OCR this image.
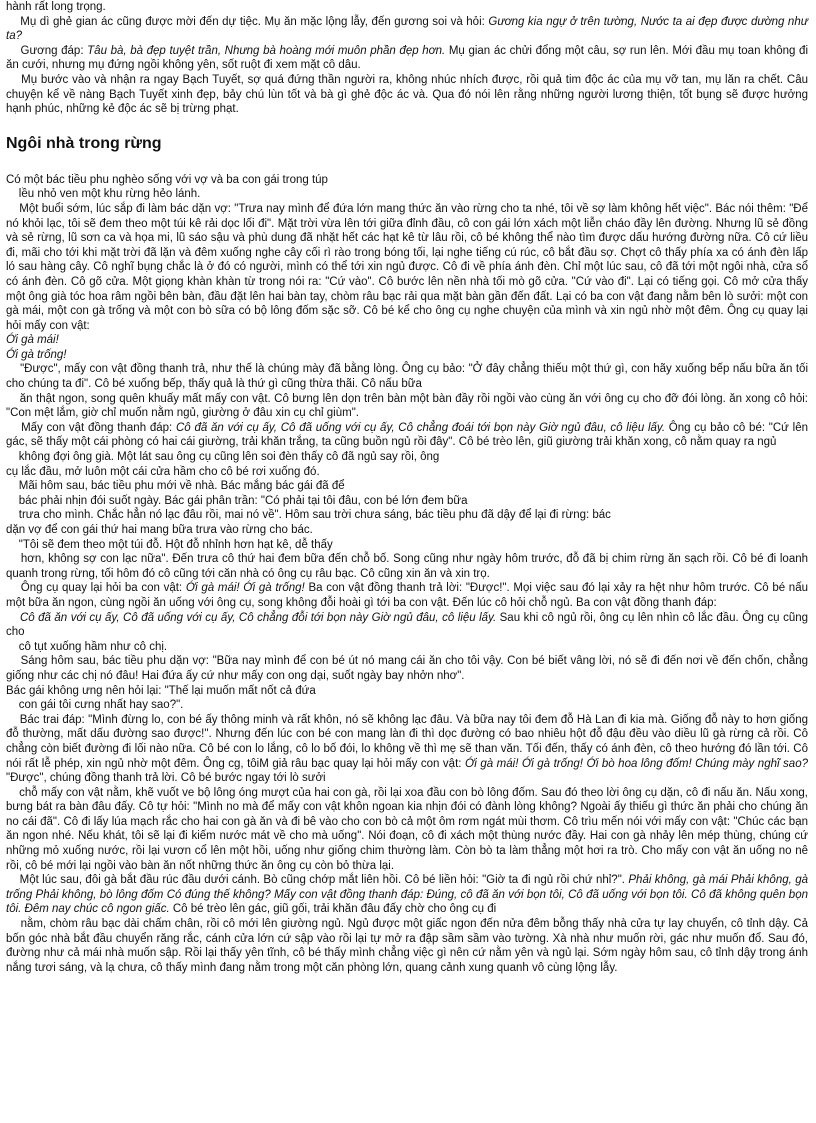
hành rất long trọng.

Mụ dì ghẻ gian ác cũng được mời đến dự tiệc. Mụ ăn mặc lộng lẫy, đến gương soi và hỏi: Gương kia ngự ở trên tường, Nước ta ai đẹp được dường như ta?

Gương đáp: Tâu bà, bà đẹp tuyệt trần, Nhưng bà hoàng mới muôn phần đẹp hơn. Mụ gian ác chửi đổng một câu, sợ run lên. Mới đầu mụ toan không đi ăn cưới, nhưng mụ đứng ngồi không yên, sốt ruột đi xem mặt cô dâu.

Mụ bước vào và nhận ra ngay Bạch Tuyết, sợ quá đứng thần người ra, không nhúc nhích được, rồi quả tim độc ác của mụ vỡ tan, mụ lăn ra chết. Câu chuyện kể về nàng Bạch Tuyết xinh đẹp, bảy chú lùn tốt và bà gì ghẻ độc ác và. Qua đó nói lên rằng những người lương thiện, tốt bụng sẽ được hưởng hạnh phúc, những kẻ độc ác sẽ bị trừng phạt.

Ngôi nhà trong rừng

Có một bác tiều phu nghèo sống với vợ và ba con gái trong túp

lều nhỏ ven một khu rừng hẻo lánh.

Một buổi sớm, lúc sắp đi làm bác dặn vợ: "Trưa nay mình để đứa lớn mang thức ăn vào rừng cho ta nhé, tôi về sợ làm không hết việc". Bác nói thêm: "Để nó khỏi lạc, tôi sẽ đem theo một túi kê rải dọc lối đi". Mặt trời vừa lên tới giữa đỉnh đầu, cô con gái lớn xách một liễn cháo đầy lên đường. Nhưng lũ sẻ đồng và sẻ rừng, lũ sơn ca và họa mi, lũ sáo sậu và phù dung đã nhặt hết các hạt kê từ lâu rồi, cô bé không thể nào tìm được dấu hướng đường nữa. Cô cứ liều đi, mãi cho tới khi mặt trời đã lặn và đêm xuống nghe cây cối rì rào trong bóng tối, lại nghe tiếng cú rúc, cô bắt đầu sợ. Chợt cô thấy phía xa có ánh đèn lấp ló sau hàng cây. Cô nghĩ bụng chắc là ở đó có người, mình có thể tới xin ngủ được. Cô đi về phía ánh đèn. Chỉ một lúc sau, cô đã tới một ngôi nhà, cửa sổ có ánh đèn. Cô gõ cửa. Một giọng khàn khàn từ trong nói ra: "Cứ vào". Cô bước lên nền nhà tối mò gõ cửa. "Cứ vào đi". Lại có tiếng gọi. Cô mở cửa thấy một ông già tóc hoa râm ngồi bên bàn, đầu đặt lên hai bàn tay, chòm râu bạc rải qua mặt bàn gần đến đất. Lại có ba con vật đang nằm bên lò sưởi: một con gà mái, một con gà trống và một con bò sữa có bộ lông đốm sặc sỡ. Cô bé kể cho ông cụ nghe chuyện của mình và xin ngủ nhờ một đêm. Ông cụ quay lại hỏi mấy con vật:

Ới gà mái!

Ới gà trống!

"Được", mấy con vật đồng thanh trả, như thế là chúng mày đã bằng lòng. Ông cụ bảo: "Ở đây chẳng thiếu một thứ gì, con hãy xuống bếp nấu bữa ăn tối cho chúng ta đi". Cô bé xuống bếp, thấy quả là thứ gì cũng thừa thãi. Cô nấu bữa

ăn thật ngon, song quên khuấy mất mấy con vật. Cô bưng lên dọn trên bàn một bàn đầy rồi ngồi vào cùng ăn với ông cụ cho đỡ đói lòng. ăn xong cô hỏi: "Con mệt lắm, giờ chỉ muốn nằm ngủ, giường ở đâu xin cụ chỉ giùm".

Mấy con vật đồng thanh đáp: Cô đã ăn với cụ ấy, Cô đã uống với cụ ấy, Cô chẳng đoái tới bọn này Giờ ngủ đâu, cô liệu lấy. Ông cụ bảo cô bé: "Cứ lên gác, sẽ thấy một cái phòng có hai cái giường, trải khăn trắng, ta cũng buồn ngủ rồi đây". Cô bé trèo lên, giũ giường trải khăn xong, cô nằm quay ra ngủ

không đợi ông già. Một lát sau ông cụ cũng lên soi đèn thấy cô đã ngủ say rồi, ông

cụ lắc đầu, mở luôn một cái cửa hầm cho cô bé rơi xuống đó.

Mãi hôm sau, bác tiều phu mới về nhà. Bác mắng bác gái đã để

bác phải nhịn đói suốt ngày. Bác gái phân trần: "Có phải tại tôi đâu, con bé lớn đem bữa

trưa cho mình. Chắc hẳn nó lạc đâu rồi, mai nó về". Hôm sau trời chưa sáng, bác tiều phu đã dậy để lại đi rừng: bác

dặn vợ để con gái thứ hai mang bữa trưa vào rừng cho bác.

"Tôi sẽ đem theo một túi đỗ. Hột đỗ nhỉnh hơn hạt kê, dễ thấy

hơn, không sợ con lạc nữa". Đến trưa cô thứ hai đem bữa đến chỗ bố. Song cũng như ngày hôm trước, đỗ đã bị chim rừng ăn sạch rồi. Cô bé đi loanh quanh trong rừng, tối hôm đó cô cũng tới căn nhà có ông cụ râu bạc. Cô cũng xin ăn và xin trọ.

Ông cụ quay lại hỏi ba con vật: Ới gà mái! Ới gà trống! Ba con vật đồng thanh trả lời: "Được!". Mọi việc sau đó lại xảy ra hệt như hôm trước. Cô bé nấu một bữa ăn ngon, cùng ngồi ăn uống với ông cụ, song không đỗi hoài gì tới ba con vật. Đến lúc cô hỏi chỗ ngủ. Ba con vật đồng thanh đáp:

Cô đã ăn với cụ ấy, Cô đã uống với cụ ấy, Cô chẳng đỗi tới bọn này Giờ ngủ đâu, cô liệu lấy. Sau khi cô ngủ rồi, ông cụ lên nhìn cô lắc đầu. Ông cụ cũng cho

cô tụt xuống hầm như cô chị.

Sáng hôm sau, bác tiều phu dặn vợ: "Bữa nay mình để con bé út nó mang cái ăn cho tôi vậy. Con bé biết vâng lời, nó sẽ đi đến nơi về đến chốn, chẳng giống như các chị nó đâu! Hai đứa ấy cứ như mấy con ong dại, suốt ngày bay nhởn nhơ".

Bác gái không ưng nên hỏi lại: "Thế lại muốn mất nốt cả đứa

con gái tôi cưng nhất hay sao?".

Bác trai đáp: "Mình đừng lo, con bé ấy thông minh và rất khôn, nó sẽ không lạc đâu. Và bữa nay tôi đem đỗ Hà Lan đi kia mà. Giống đỗ này to hơn giống đỗ thường, mất dấu đường sao được!". Nhưng đến lúc con bé con mang làn đi thì dọc đường có bao nhiêu hột đỗ đậu đều vào diều lũ gà rừng cả rồi. Cô chẳng còn biết đường đi lối nào nữa. Cô bé con lo lắng, cô lo bố đói, lo không về thì mẹ sẽ than văn. Tối đến, thấy có ánh đèn, cô theo hướng đó lần tới. Cô nói rất lễ phép, xin ngủ nhờ một đêm. Ông cg, tôiM giả râu bạc quay lại hỏi mấy con vật: Ới gà mái! Ới gà trống! Ới bò hoa lông đốm! Chúng mày nghĩ sao? "Được", chúng đồng thanh trả lời. Cô bé bước ngay tới lò sưởi

chỗ mấy con vật nằm, khẽ vuốt ve bộ lông óng mượt của hai con gà, rồi lại xoa đầu con bò lông đốm. Sau đó theo lời ông cụ dặn, cô đi nấu ăn. Nấu xong, bưng bát ra bàn đâu đấy. Cô tự hỏi: "Mình no mà để mấy con vật khôn ngoan kia nhịn đói có đành lòng không? Ngoài ấy thiếu gì thức ăn phải cho chúng ăn no cái đã". Cô đi lấy lúa mạch rắc cho hai con gà ăn và đi bê vào cho con bò cả một ôm rơm ngát mùi thơm. Cô trìu mến nói với mấy con vật: "Chúc các bạn ăn ngon nhé. Nếu khát, tôi sẽ lại đi kiếm nước mát về cho mà uống". Nói đoạn, cô đi xách một thùng nước đầy. Hai con gà nhảy lên mép thùng, chúng cứ những mỏ xuống nước, rồi lại vươn cổ lên một hồi, uống như giống chim thường làm. Còn bò ta làm thẳng một hơi ra trò. Cho mấy con vật ăn uống no nê rồi, cô bé mới lại ngồi vào bàn ăn nốt những thức ăn ông cụ còn bỏ thừa lại.

Một lúc sau, đôi gà bắt đầu rúc đầu dưới cánh. Bò cũng chớp mắt liên hồi. Cô bé liền hỏi: "Giờ ta đi ngủ rồi chứ nhỉ?". Phải không, gà mái Phải không, gà trống Phải không, bò lông đốm Có đúng thế không? Mấy con vật đồng thanh đáp: Đúng, cô đã ăn với bọn tôi, Cô đã uống với bọn tôi. Cô đã không quên bọn tôi. Đêm nay chúc cô ngon giấc. Cô bé trèo lên gác, giũ gối, trải khăn đâu đấy chờ cho ông cụ đi

nằm, chòm râu bạc dài chấm chân, rồi cô mới lên giường ngủ. Ngủ được một giấc ngon đến nửa đêm bỗng thấy nhà cửa tự lay chuyển, cô tỉnh dậy. Cả bốn góc nhà bắt đầu chuyển răng rắc, cánh cửa lớn cứ sập vào rồi lại tự mở ra đập sầm sầm vào tường. Xà nhà như muốn rời, gác như muốn đổ. Sau đó, đường như cả mái nhà muốn sập. Rồi lại thấy yên tĩnh, cô bé thấy mình chẳng việc gì nên cứ nằm yên và ngủ lại. Sớm ngày hôm sau, cô tỉnh dậy trong ánh nắng tươi sáng, và lạ chưa, cô thấy mình đang nằm trong một căn phòng lớn, quang cảnh xung quanh vô cùng lộng lẫy.
